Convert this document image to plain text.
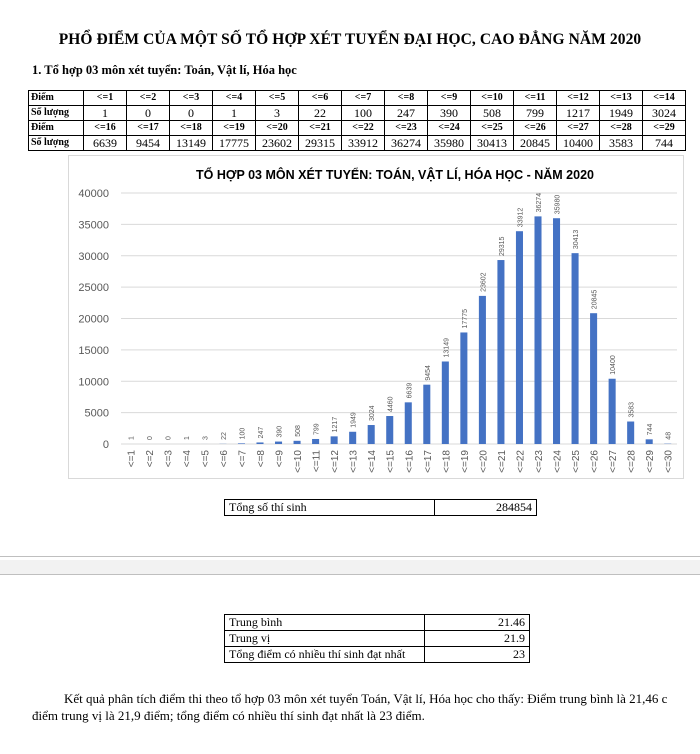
PHỔ ĐIỂM CỦA MỘT SỐ TỔ HỢP XÉT TUYỂN ĐẠI HỌC, CAO ĐẲNG NĂM 2020
1. Tổ hợp 03 môn xét tuyển: Toán, Vật lí, Hóa học
Điểm	<=1	<=2	<=3	<=4	<=5	<=6	<=7	<=8	<=9	<=10	<=11	<=12	<=13	<=14
Số lượng	1	0	0	1	3	22	100	247	390	508	799	1217	1949	3024
Điểm	<=16	<=17	<=18	<=19	<=20	<=21	<=22	<=23	<=24	<=25	<=26	<=27	<=28	<=29
Số lượng	6639	9454	13149	17775	23602	29315	33912	36274	35980	30413	20845	10400	3583	744
TỔ HỢP 03 MÔN XÉT TUYỂN: TOÁN, VẬT LÍ, HÓA HỌC - NĂM 2020
0
5000
10000
15000
20000
25000
30000
35000
40000
1
<=1
0
<=2
0
<=3
1
<=4
3
<=5
22
<=6
100
<=7
247
<=8
390
<=9
508
<=10
799
<=11
1217
<=12
1949
<=13
3024
<=14
4460
<=15
6639
<=16
9454
<=17
13149
<=18
17775
<=19
23602
<=20
29315
<=21
33912
<=22
36274
<=23
35980
<=24
30413
<=25
20845
<=26
10400
<=27
3583
<=28
744
<=29
48
<=30
Tổng số thí sinh	284854
Trung bình	21.46
Trung vị	21.9
Tổng điểm có nhiều thí sinh đạt nhất	23
Kết quả phân tích điểm thi theo tổ hợp 03 môn xét tuyển Toán, Vật lí, Hóa học cho thấy: Điểm trung bình là 21,46 c
điểm trung vị là 21,9 điểm; tổng điểm có nhiều thí sinh đạt nhất là 23 điểm.
